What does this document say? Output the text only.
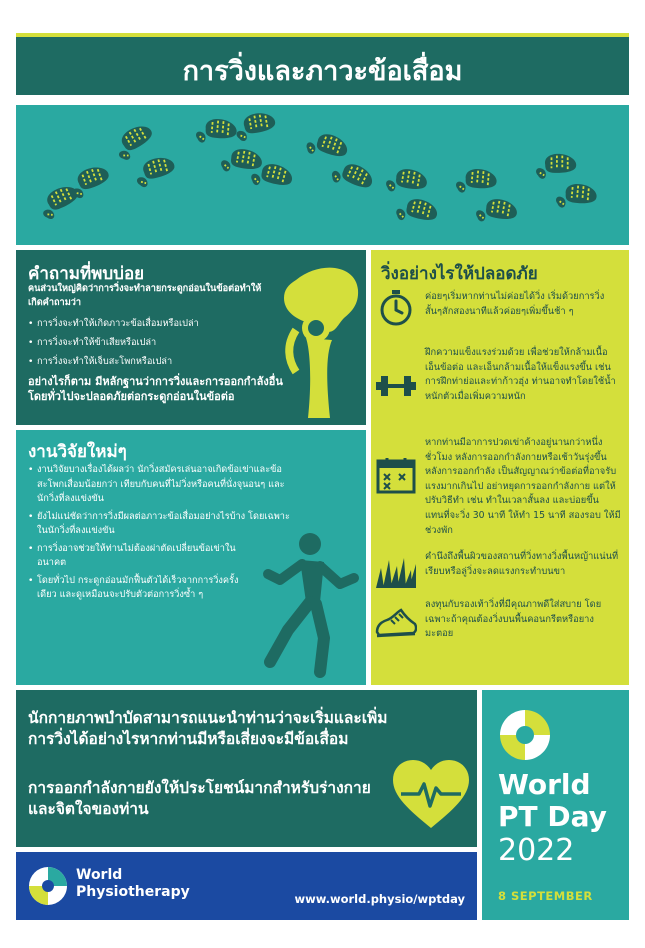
การวิ่งและภาวะข้อเสื่อม
คำถามที่พบบ่อย
คนส่วนใหญ่คิดว่าการวิ่งจะทำลายกระดูกอ่อนในข้อต่อทำให้เกิดคำถามว่า
• การวิ่งจะทำให้เกิดภาวะข้อเสื่อมหรือเปล่า
• การวิ่งจะทำให้ข้าเสียหรือเปล่า
• การวิ่งจะทำให้เจ็บสะโพกหรือเปล่า
อย่างไรก็ตาม มีหลักฐานว่าการวิ่งและการออกกำลังอื่น โดยทั่วไปจะปลอดภัยต่อกระดูกอ่อนในข้อต่อ
งานวิจัยใหม่ๆ
• งานวิจัยบางเรื่องได้ผลว่า นักวิ่งสมัครเล่นอาจเกิดข้อเข่าและข้อสะโพกเสื่อมน้อยกว่า เทียบกับคนที่ไม่วิ่งหรือคนที่นั่งจุนอนๆ และนักวิ่งที่ลงแข่งขัน
• ยังไม่แน่ชัดว่าการวิ่งมีผลต่อภาวะข้อเสื่อมอย่างไรบ้าง โดยเฉพาะในนักวิ่งที่ลงแข่งขัน
• การวิ่งอาจช่วยให้ท่านไม่ต้องผ่าตัดเปลี่ยนข้อเข่าในอนาคต
• โดยทั่วไป กระดูกอ่อนมักฟื้นตัวได้เร็วจากการวิ่งครั้งเดียว และดูเหมือนจะปรับตัวต่อการวิ่งซ้ำ ๆ
วิ่งอย่างไรให้ปลอดภัย
ค่อยๆเริ่มหากท่านไม่ค่อยได้วิ่ง เริ่มด้วยการวิ่งสั้นๆสักสองนาทีแล้วค่อยๆเพิ่มขึ้นช้า ๆ
ฝึกความแข็งแรงร่วมด้วย เพื่อช่วยให้กล้ามเนื้อ เอ็นข้อต่อ และเอ็นกล้ามเนื้อให้แข็งแรงขึ้น เช่น การฝึกท่าย่อและท่าก้าวฮุ่ง ท่านอาจทำโดยใช้น้ำหนักตัวเมื่อเพิ่มความหนัก
หากท่านมีอาการปวดเข่าค้างอยู่นานกว่าหนึ่งชั่วโมง หลังการออกกำลังกายหรือเช้าวันรุ่งขึ้นหลังการออกกำลัง เป็นสัญญาณว่าข้อต่อที่อาจรับแรงมากเกินไป อย่าหยุดการออกกำลังกาย แต่ให้ปรับวิธีทำ เช่น ทำในเวลาสั้นลง และบ่อยขึ้น แทนที่จะวิ่ง 30 นาที ให้ทำ 15 นาที สองรอบ ให้มีช่วงพัก
คำนึงถึงพื้นผิวของสถานที่วิ่งทางวิ่งพื้นหญ้าแน่นที่เรียบหรือลู่วิ่งจะลดแรงกระทำบนขา
ลงทุนกับรองเท้าวิ่งที่มีคุณภาพดีใส่สบาย โดยเฉพาะถ้าคุณต้องวิ่งบนพื้นคอนกรีตหรือยางมะตอย
นักกายภาพบำบัดสามารถแนะนำท่านว่าจะเริ่มและเพิ่มการวิ่งได้อย่างไรหากท่านมีหรือเสี่ยงจะมีข้อเสื่อม
การออกกำลังกายยังให้ประโยชน์มากสำหรับร่างกายและจิตใจของท่าน
World
Physiotherapy	www.world.physio/wptday
World
PT Day
2022
8 SEPTEMBER
